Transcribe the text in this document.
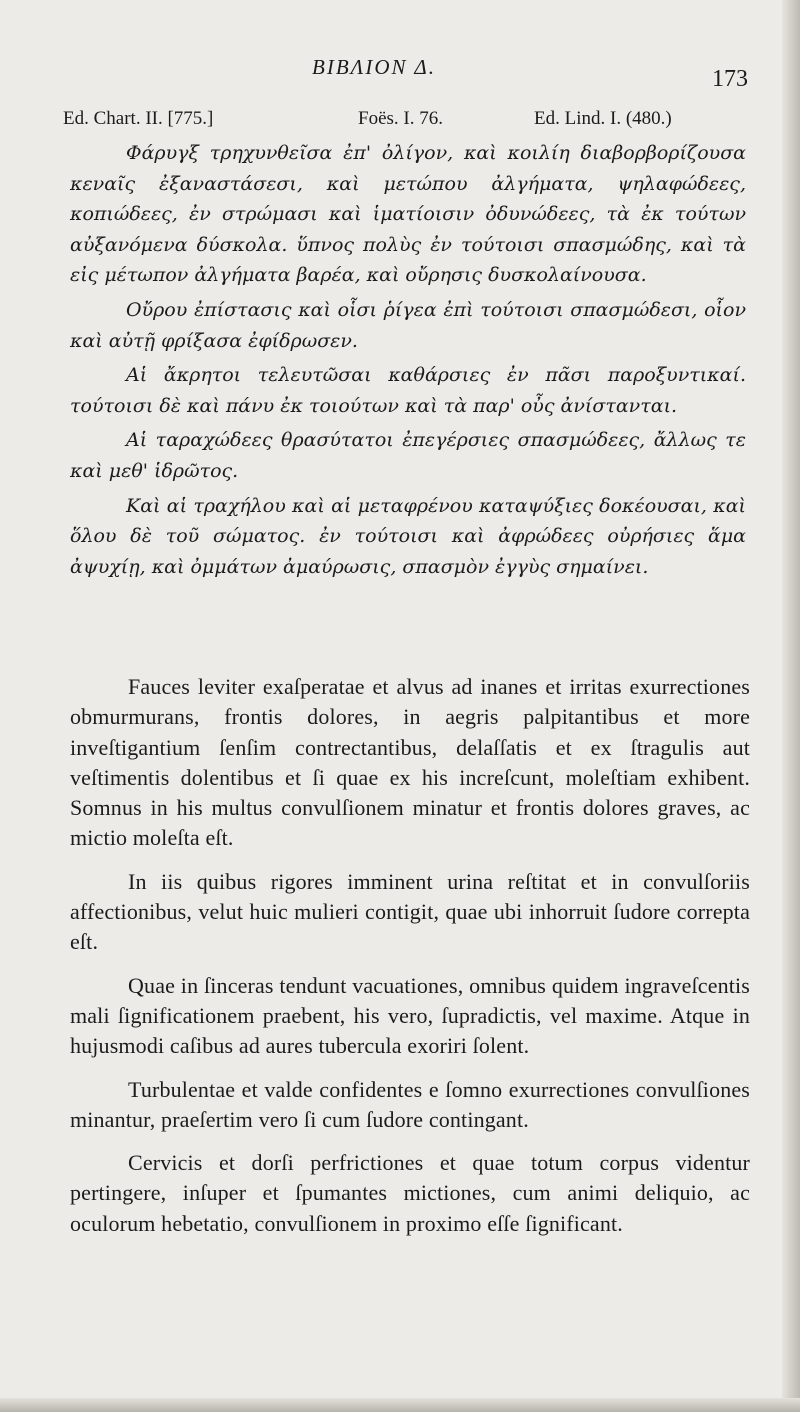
ΒΙΒΛΙΟΝ Δ.	173
Ed. Chart. II. [775.]	Foës. I. 76.	Ed. Lind. I. (480.)

Φάρυγξ τρηχυνθεῖσα ἐπ' ὀλίγον, καὶ κοιλίη διαβορβορίζουσα κεναῖς ἐξαναστάσεσι, καὶ μετώπου ἀλγήματα, ψηλαφώδεες, κοπιώδεες, ἐν στρώμασι καὶ ἱματίοισιν ὀδυνώδεες, τὰ ἐκ τούτων αὐξανόμενα δύσκολα. ὕπνος πολὺς ἐν τούτοισι σπασμώδης, καὶ τὰ εἰς μέτωπον ἀλγήματα βαρέα, καὶ οὔρησις δυσκολαίνουσα.

Οὔρου ἐπίστασις καὶ οἷσι ῥίγεα ἐπὶ τούτοισι σπασμώδεσι, οἷον καὶ αὐτῇ φρίξασα ἐφίδρωσεν.

Αἱ ἄκρητοι τελευτῶσαι καθάρσιες ἐν πᾶσι παροξυντικαί. τούτοισι δὲ καὶ πάνυ ἐκ τοιούτων καὶ τὰ παρ' οὖς ἀνίστανται.

Αἱ ταραχώδεες θρασύτατοι ἐπεγέρσιες σπασμώδεες, ἄλλως τε καὶ μεθ' ἱδρῶτος.

Καὶ αἱ τραχήλου καὶ αἱ μεταφρένου καταψύξιες δοκέουσαι, καὶ ὅλου δὲ τοῦ σώματος. ἐν τούτοισι καὶ ἀφρώδεες οὐρήσιες ἅμα ἀψυχίῃ, καὶ ὀμμάτων ἀμαύρωσις, σπασμὸν ἐγγὺς σημαίνει.

Fauces leviter exaſperatae et alvus ad inanes et irritas exurrectiones obmurmurans, frontis dolores, in aegris palpitantibus et more inveſtigantium ſenſim contrectantibus, delaſſatis et ex ſtragulis aut veſtimentis dolentibus et ſi quae ex his increſcunt, moleſtiam exhibent. Somnus in his multus convulſionem minatur et frontis dolores graves, ac mictio moleſta eſt.

In iis quibus rigores imminent urina reſtitat et in convulſoriis affectionibus, velut huic mulieri contigit, quae ubi inhorruit ſudore correpta eſt.

Quae in ſinceras tendunt vacuationes, omnibus quidem ingraveſcentis mali ſignificationem praebent, his vero, ſupradictis, vel maxime. Atque in hujusmodi caſibus ad aures tubercula exoriri ſolent.

Turbulentae et valde confidentes e ſomno exurrectiones convulſiones minantur, praeſertim vero ſi cum ſudore contingant.

Cervicis et dorſi perfrictiones et quae totum corpus videntur pertingere, inſuper et ſpumantes mictiones, cum animi deliquio, ac oculorum hebetatio, convulſionem in proximo eſſe ſignificant.
